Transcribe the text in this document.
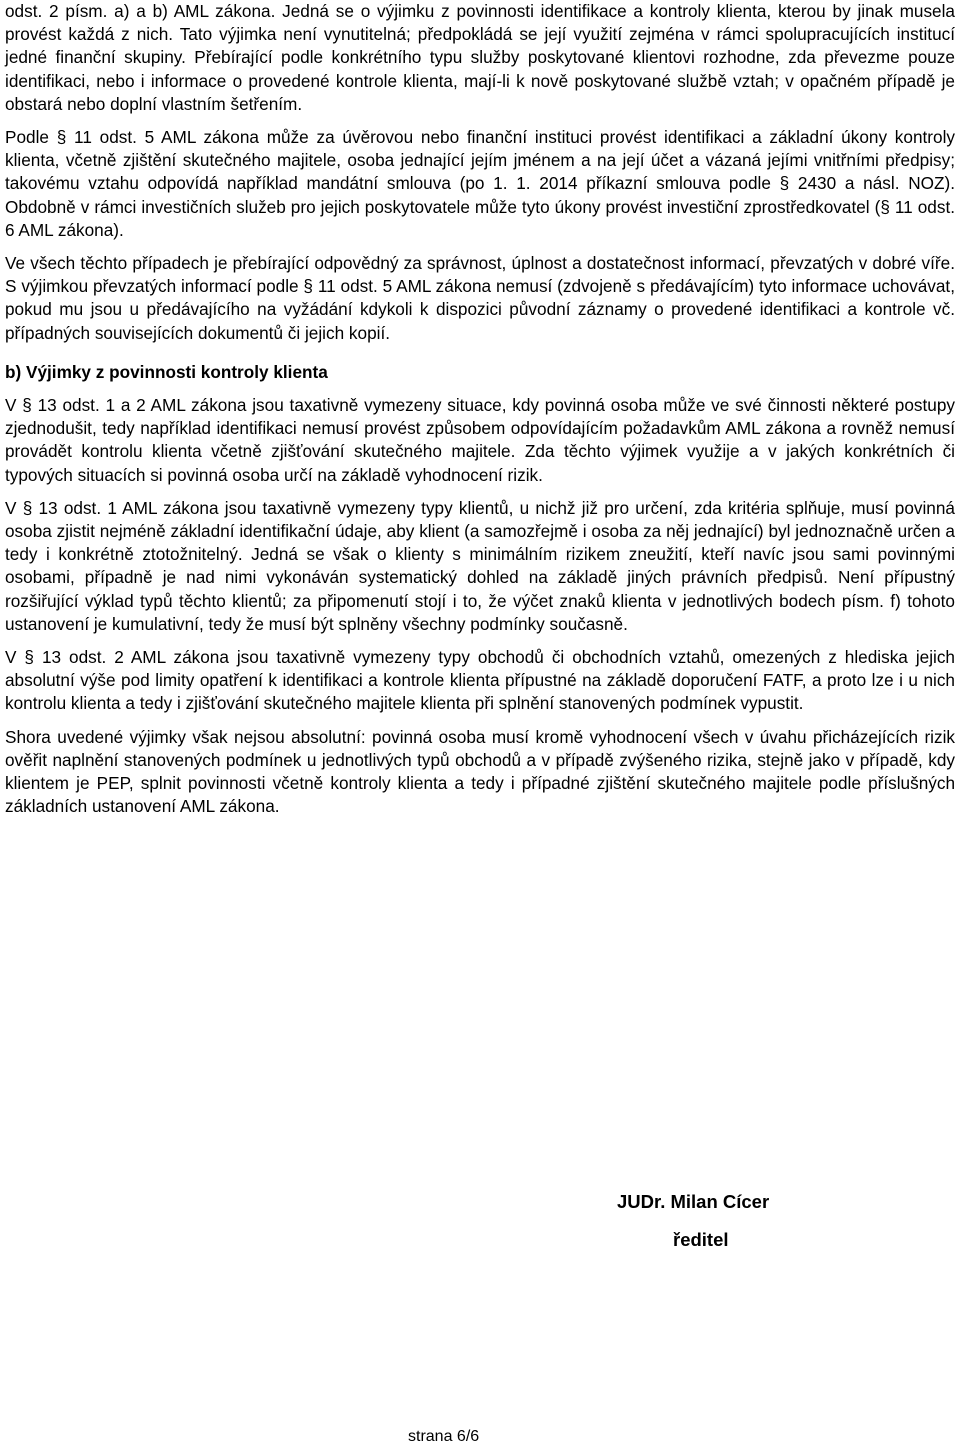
odst. 2 písm. a) a b) AML zákona. Jedná se o výjimku z povinnosti identifikace a kontroly klienta, kterou by jinak musela provést každá z nich. Tato výjimka není vynutitelná; předpokládá se její využití zejména v rámci spolupracujících institucí jedné finanční skupiny. Přebírající podle konkrétního typu služby poskytované klientovi rozhodne, zda převezme pouze identifikaci, nebo i informace o provedené kontrole klienta, mají-li k nově poskytované službě vztah; v opačném případě je obstará nebo doplní vlastním šetřením.

Podle § 11 odst. 5 AML zákona může za úvěrovou nebo finanční instituci provést identifikaci a základní úkony kontroly klienta, včetně zjištění skutečného majitele, osoba jednající jejím jménem a na její účet a vázaná jejími vnitřními předpisy; takovému vztahu odpovídá například mandátní smlouva (po 1. 1. 2014 příkazní smlouva podle § 2430 a násl. NOZ). Obdobně v rámci investičních služeb pro jejich poskytovatele může tyto úkony provést investiční zprostředkovatel (§ 11 odst. 6 AML zákona).

Ve všech těchto případech je přebírající odpovědný za správnost, úplnost a dostatečnost informací, převzatých v dobré víře. S výjimkou převzatých informací podle § 11 odst. 5 AML zákona nemusí (zdvojeně s předávajícím) tyto informace uchovávat, pokud mu jsou u předávajícího na vyžádání kdykoli k dispozici původní záznamy o provedené identifikaci a kontrole vč. případných souvisejících dokumentů či jejich kopií.

b) Výjimky z povinnosti kontroly klienta

V § 13 odst. 1 a 2 AML zákona jsou taxativně vymezeny situace, kdy povinná osoba může ve své činnosti některé postupy zjednodušit, tedy například identifikaci nemusí provést způsobem odpovídajícím požadavkům AML zákona a rovněž nemusí provádět kontrolu klienta včetně zjišťování skutečného majitele. Zda těchto výjimek využije a v jakých konkrétních či typových situacích si povinná osoba určí na základě vyhodnocení rizik.

V § 13 odst. 1 AML zákona jsou taxativně vymezeny typy klientů, u nichž již pro určení, zda kritéria splňuje, musí povinná osoba zjistit nejméně základní identifikační údaje, aby klient (a samozřejmě i osoba za něj jednající) byl jednoznačně určen a tedy i konkrétně ztotožnitelný. Jedná se však o klienty s minimálním rizikem zneužití, kteří navíc jsou sami povinnými osobami, případně je nad nimi vykonáván systematický dohled na základě jiných právních předpisů. Není přípustný rozšiřující výklad typů těchto klientů; za připomenutí stojí i to, že výčet znaků klienta v jednotlivých bodech písm. f) tohoto ustanovení je kumulativní, tedy že musí být splněny všechny podmínky současně.

V § 13 odst. 2 AML zákona jsou taxativně vymezeny typy obchodů či obchodních vztahů, omezených z hlediska jejich absolutní výše pod limity opatření k identifikaci a kontrole klienta přípustné na základě doporučení FATF, a proto lze i u nich kontrolu klienta a tedy i zjišťování skutečného majitele klienta při splnění stanovených podmínek vypustit.

Shora uvedené výjimky však nejsou absolutní: povinná osoba musí kromě vyhodnocení všech v úvahu přicházejících rizik ověřit naplnění stanovených podmínek u jednotlivých typů obchodů a v případě zvýšeného rizika, stejně jako v případě, kdy klientem je PEP, splnit povinnosti včetně kontroly klienta a tedy i případné zjištění skutečného majitele podle příslušných základních ustanovení AML zákona.

JUDr. Milan Cícer
ředitel
strana 6/6
